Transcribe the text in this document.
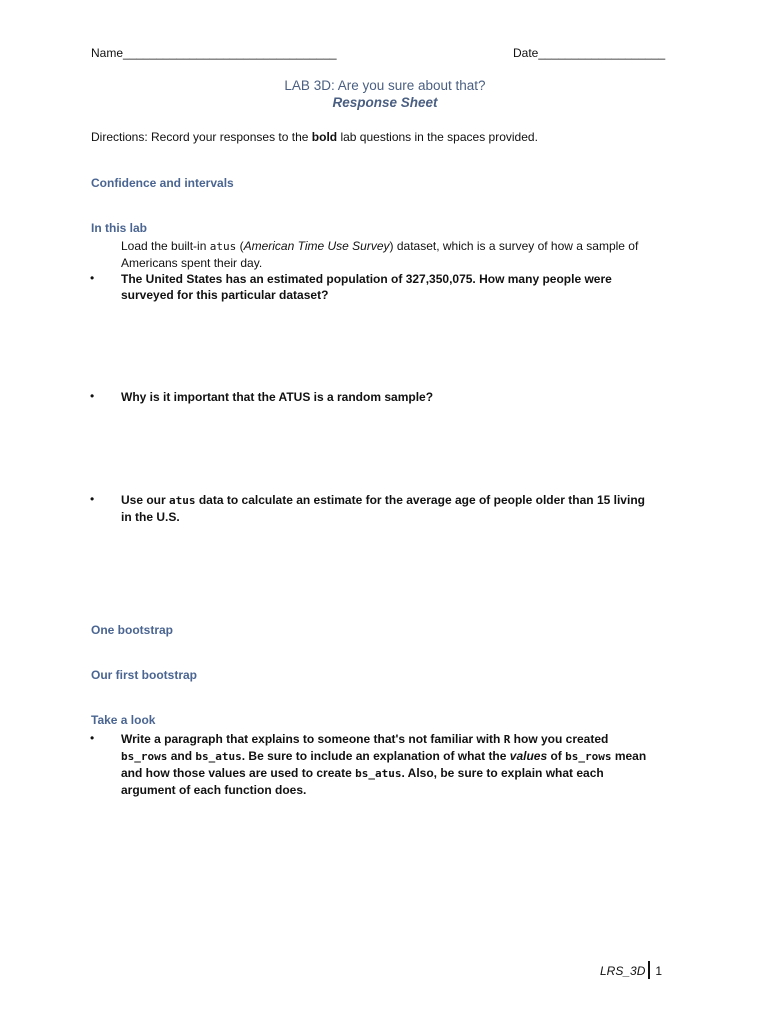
Name________________________________	Date___________________
LAB 3D: Are you sure about that?
Response Sheet
Directions: Record your responses to the bold lab questions in the spaces provided.
Confidence and intervals
In this lab
Load the built-in atus (American Time Use Survey) dataset, which is a survey of how a sample of
Americans spent their day.
• The United States has an estimated population of 327,350,075. How many people were
surveyed for this particular dataset?
• Why is it important that the ATUS is a random sample?
• Use our atus data to calculate an estimate for the average age of people older than 15 living
in the U.S.
One bootstrap
Our first bootstrap
Take a look
• Write a paragraph that explains to someone that's not familiar with R how you created
bs_rows and bs_atus. Be sure to include an explanation of what the values of bs_rows mean
and how those values are used to create bs_atus. Also, be sure to explain what each
argument of each function does.
LRS_3D 1
